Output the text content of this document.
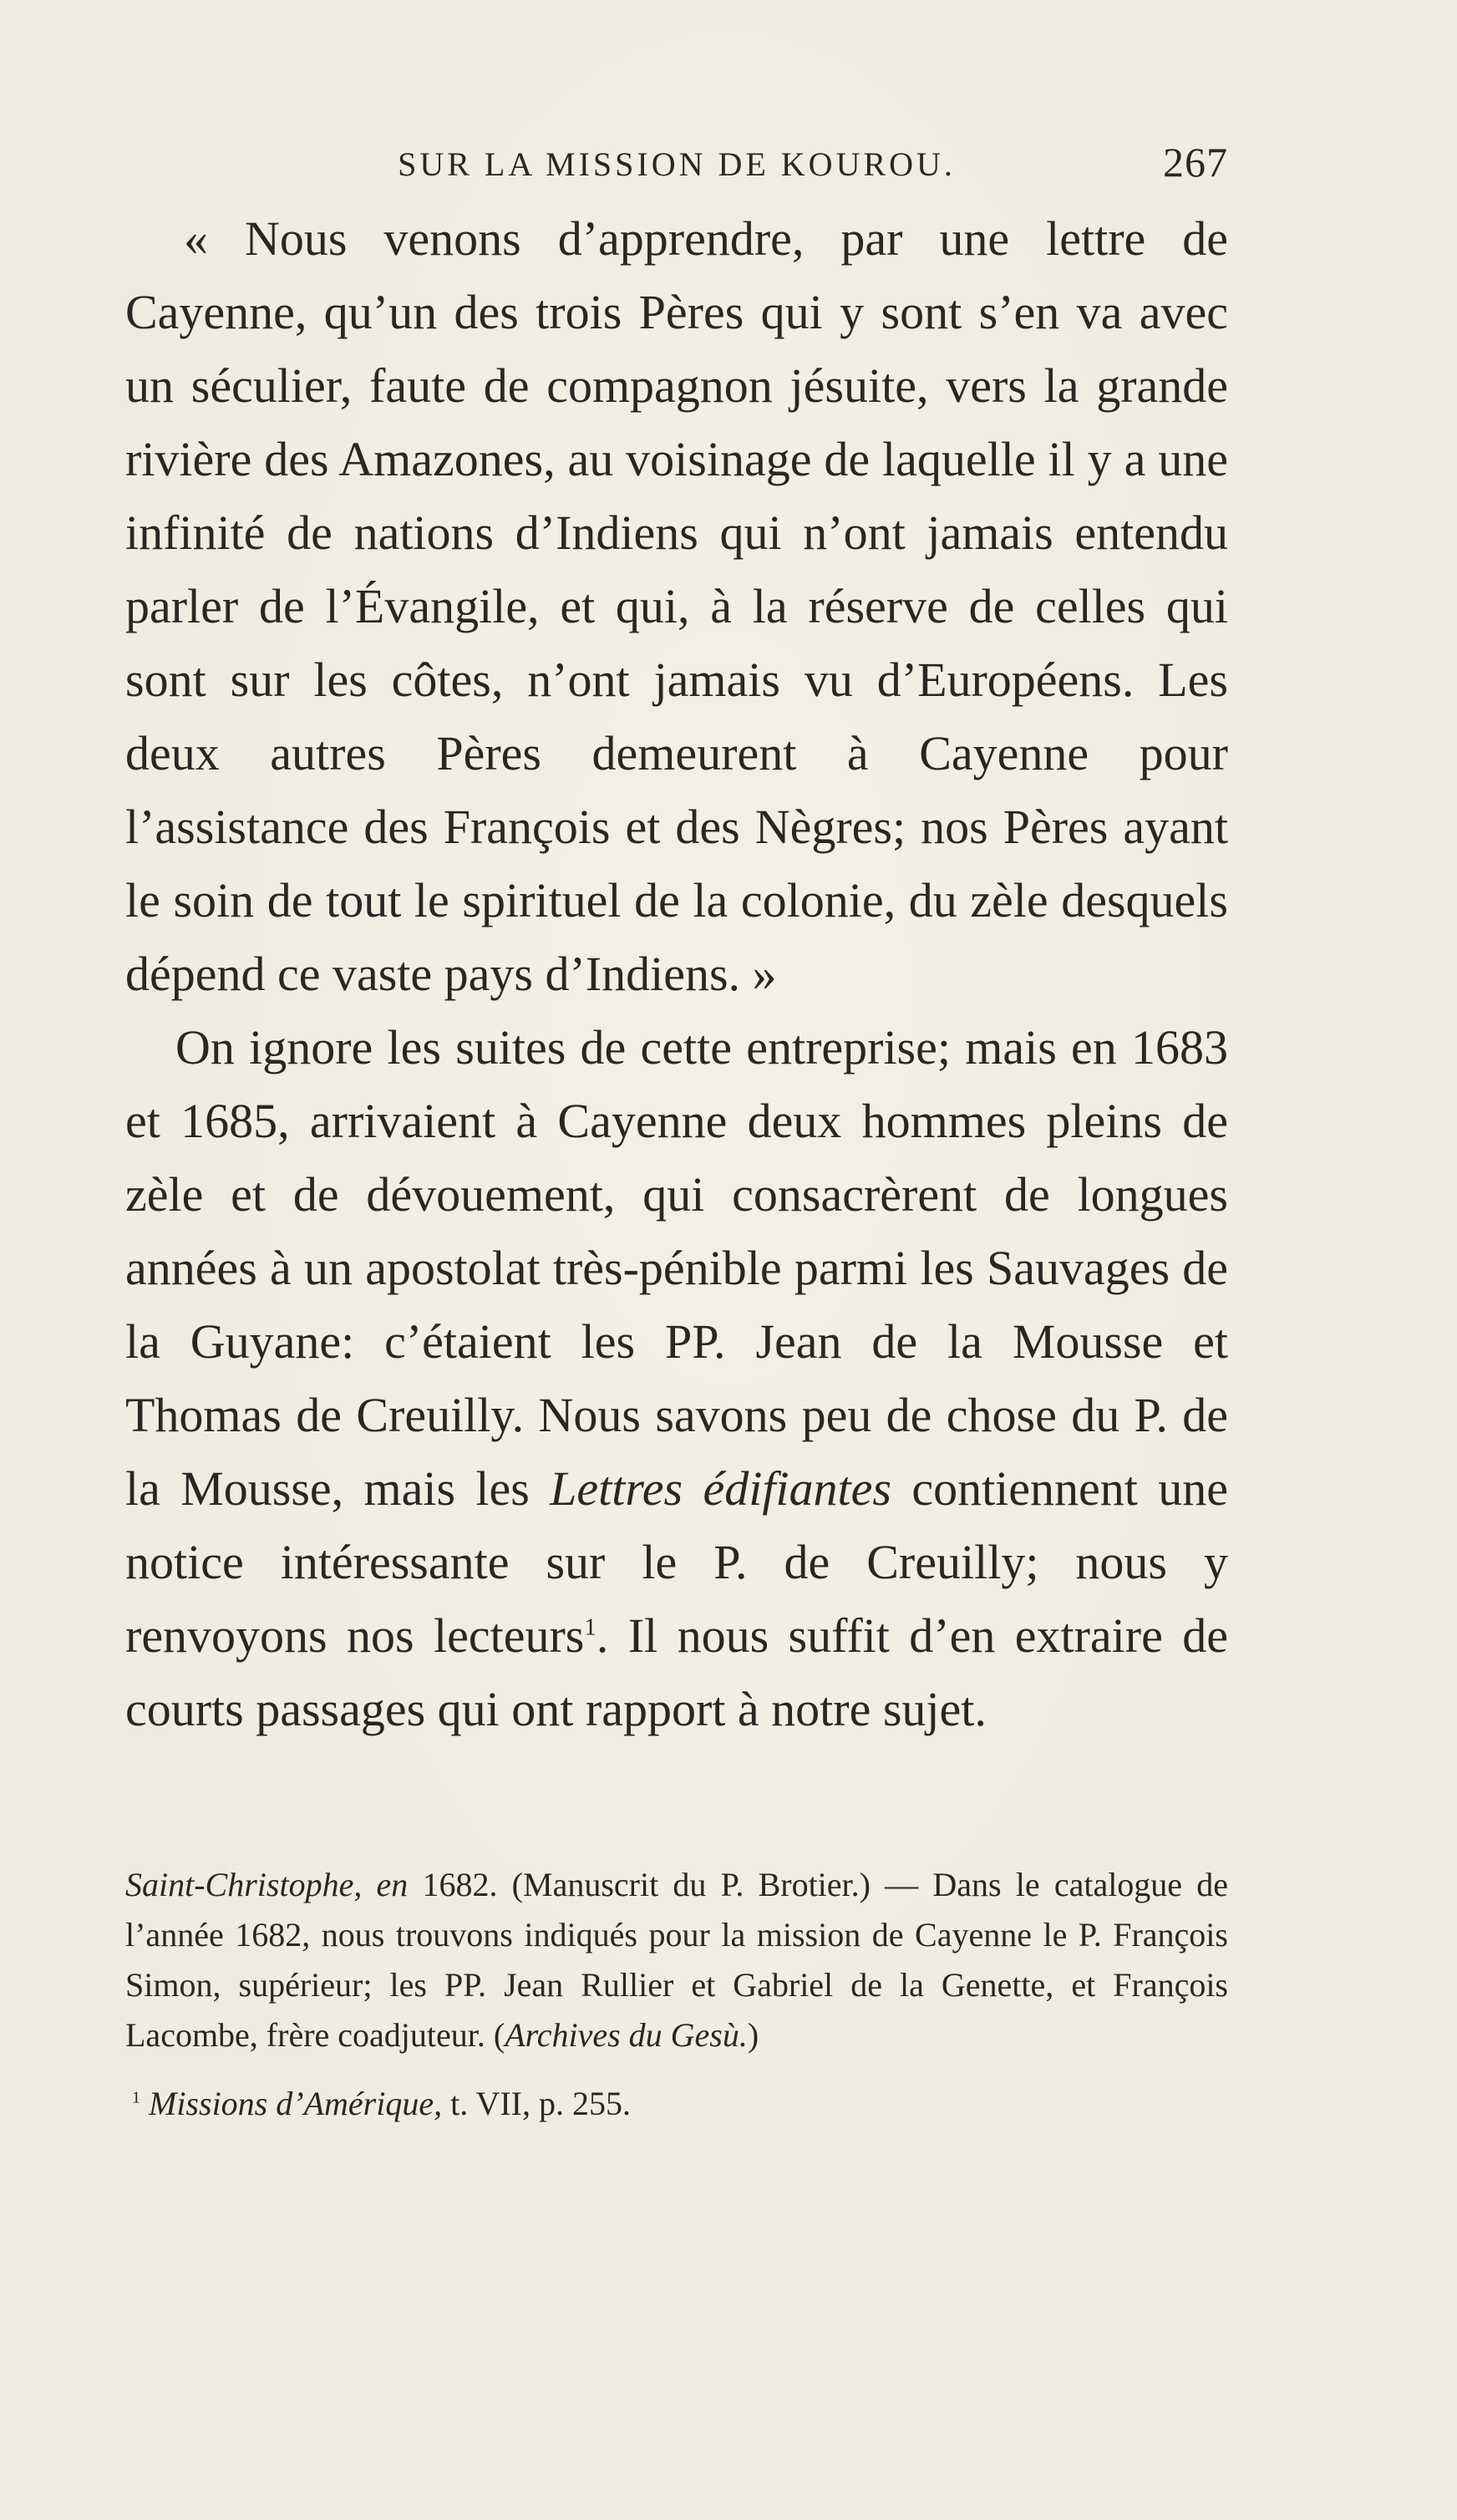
SUR LA MISSION DE KOUROU.	267

« Nous venons d’apprendre, par une lettre de Cayenne, qu’un des trois Pères qui y sont s’en va avec un séculier, faute de compagnon jésuite, vers la grande rivière des Amazones, au voisinage de laquelle il y a une infinité de nations d’Indiens qui n’ont jamais entendu parler de l’Évangile, et qui, à la réserve de celles qui sont sur les côtes, n’ont jamais vu d’Européens. Les deux autres Pères demeurent à Cayenne pour l’assistance des François et des Nègres; nos Pères ayant le soin de tout le spirituel de la colonie, du zèle desquels dépend ce vaste pays d’Indiens. »

On ignore les suites de cette entreprise; mais en 1683 et 1685, arrivaient à Cayenne deux hommes pleins de zèle et de dévouement, qui consacrèrent de longues années à un apostolat très-pénible parmi les Sauvages de la Guyane: c’étaient les PP. Jean de la Mousse et Thomas de Creuilly. Nous savons peu de chose du P. de la Mousse, mais les Lettres édifiantes contiennent une notice intéressante sur le P. de Creuilly; nous y renvoyons nos lecteurs$^1$. Il nous suffit d’en extraire de courts passages qui ont rapport à notre sujet.

Saint-Christophe, en 1682. (Manuscrit du P. Brotier.) — Dans le catalogue de l’année 1682, nous trouvons indiqués pour la mission de Cayenne le P. François Simon, supérieur; les PP. Jean Rullier et Gabriel de la Genette, et François Lacombe, frère coadjuteur. (Archives du Gesù.)

$^1$ Missions d’Amérique, t. VII, p. 255.
